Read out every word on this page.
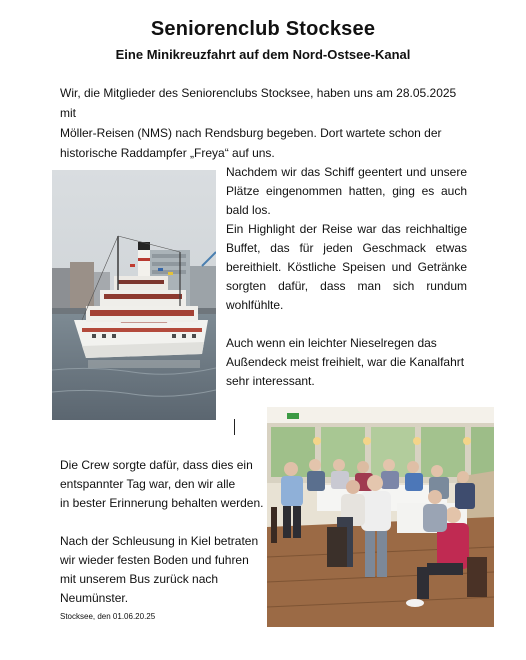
Seniorenclub Stocksee
Eine Minikreuzfahrt auf dem Nord-Ostsee-Kanal
Wir, die Mitglieder des Seniorenclubs Stocksee, haben uns am 28.05.2025 mit
Möller-Reisen (NMS) nach Rendsburg begeben. Dort wartete schon der
historische Raddampfer „Freya“ auf uns.

Nachdem wir das Schiff geentert und unsere Plätze eingenommen hatten, ging es auch bald los.

Ein Highlight der Reise war das reichhaltige Buffet, das für jeden Geschmack etwas bereithielt. Köstliche Speisen und Getränke sorgten dafür, dass man sich rundum wohlfühlte.

Auch wenn ein leichter Nieselregen das

Außendeck meist freihielt, war die Kanalfahrt

sehr interessant.

Die Crew sorgte dafür, dass dies ein

entspannter Tag war, den wir alle

in bester Erinnerung behalten werden.

Nach der Schleusung in Kiel betraten

wir wieder festen Boden und fuhren

mit unserem Bus zurück nach

Neumünster.

Stocksee, den 01.06.20.25
